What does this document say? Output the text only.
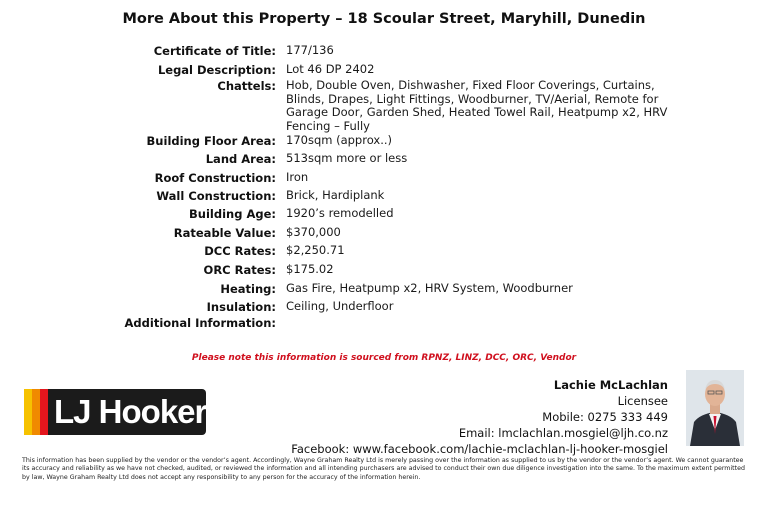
More About this Property – 18 Scoular Street, Maryhill, Dunedin
Certificate of Title: 177/136
Legal Description: Lot 46 DP 2402
Chattels: Hob, Double Oven, Dishwasher, Fixed Floor Coverings, Curtains, Blinds, Drapes, Light Fittings, Woodburner, TV/Aerial, Remote for Garage Door, Garden Shed, Heated Towel Rail, Heatpump x2, HRV
Fencing – Fully
Building Floor Area: 170sqm (approx..)
Land Area: 513sqm more or less
Roof Construction: Iron
Wall Construction: Brick, Hardiplank
Building Age: 1920’s remodelled
Rateable Value: $370,000
DCC Rates: $2,250.71
ORC Rates: $175.02
Heating: Gas Fire, Heatpump x2, HRV System, Woodburner
Insulation: Ceiling, Underfloor
Additional Information:
Please note this information is sourced from RPNZ, LINZ, DCC, ORC, Vendor
LJ Hooker
Lachie McLachlan
Licensee
Mobile: 0275 333 449
Email: lmclachlan.mosgiel@ljh.co.nz
Facebook: www.facebook.com/lachie-mclachlan-lj-hooker-mosgiel
This information has been supplied by the vendor or the vendor’s agent. Accordingly, Wayne Graham Realty Ltd is merely passing over the information as supplied to us by the vendor or the vendor’s agent. We cannot guarantee its accuracy and reliability as we have not checked, audited, or reviewed the information and all intending purchasers are advised to conduct their own due diligence investigation into the same. To the maximum extent permitted by law, Wayne Graham Realty Ltd does not accept any responsibility to any person for the accuracy of the information herein.
